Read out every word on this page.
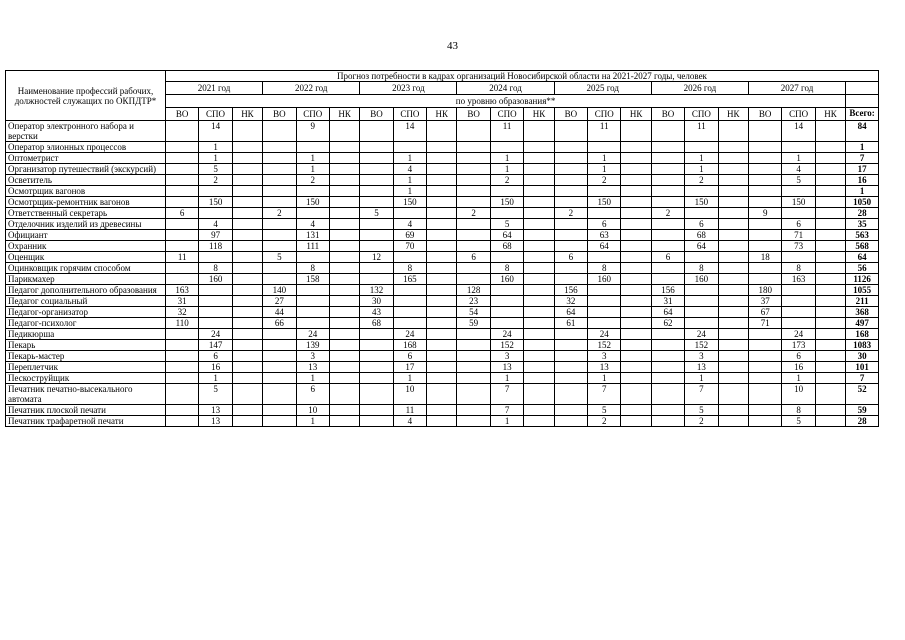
43
Наименование профессий рабочих, должностей служащих по ОКПДТР*	Прогноз потребности в кадрах организаций Новосибирской области на 2021-2027 годы, человек																					
	2021 год			2022 год			2023 год			2024 год			2025 год			2026 год			2027 год			
	по уровню образования**																					
	ВО	СПО	НК	ВО	СПО	НК	ВО	СПО	НК	ВО	СПО	НК	ВО	СПО	НК	ВО	СПО	НК	ВО	СПО	НК	Всего:
Оператор электронного набора и верстки		14			9			14			11			11			11			14		84
Оператор элионных процессов		1																				1
Оптометрист		1			1			1			1			1			1			1		7
Организатор путешествий (экскурсий)		5			1			4			1			1			1			4		17
Осветитель		2			2			1			2			2			2			5		16
Осмотрщик вагонов								1														1
Осмотрщик-ремонтник вагонов		150			150			150			150			150			150			150		1050
Ответственный секретарь	6			2			5			2			2			2			9			28
Отделочник изделий из древесины		4			4			4			5			6			6			6		35
Официант		97			131			69			64			63			68			71		563
Охранник		118			111			70			68			64			64			73		568
Оценщик	11			5			12			6			6			6			18			64
Оцинковщик горячим способом		8			8			8			8			8			8			8		56
Парикмахер		160			158			165			160			160			160			163		1126
Педагог дополнительного образования	163			140			132			128			156			156			180			1055
Педагог социальный	31			27			30			23			32			31			37			211
Педагог-организатор	32			44			43			54			64			64			67			368
Педагог-психолог	110			66			68			59			61			62			71			497
Педикюрша		24			24			24			24			24			24			24		168
Пекарь		147			139			168			152			152			152			173		1083
Пекарь-мастер		6			3			6			3			3			3			6		30
Переплетчик		16			13			17			13			13			13			16		101
Пескоструйщик		1			1			1			1			1			1			1		7
Печатник печатно-высекального автомата		5			6			10			7			7			7			10		52
Печатник плоской печати		13			10			11			7			5			5			8		59
Печатник трафаретной печати		13			1			4			1			2			2			5		28
